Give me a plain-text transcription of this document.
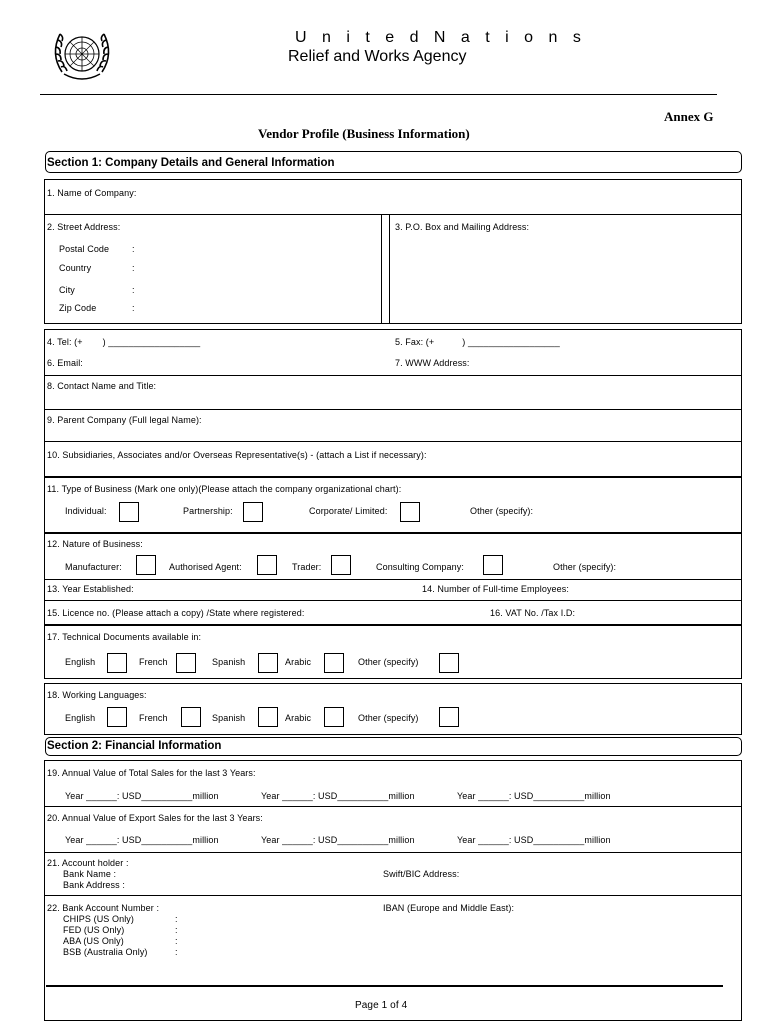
U n i t e d N a t i o n s
Relief and Works Agency
Annex G
Vendor Profile (Business Information)
Section 1: Company Details and General Information
1. Name of Company:
2. Street Address:
Postal Code	:
Country	:
City	:
Zip Code	:
3. P.O. Box and Mailing Address:
4. Tel: (+ ) __________________	5. Fax: (+	) __________________
6. Email:	7. WWW Address:
8. Contact Name and Title:
9. Parent Company (Full legal Name):
10. Subsidiaries, Associates and/or Overseas Representative(s) - (attach a List if necessary):
11. Type of Business (Mark one only)(Please attach the company organizational chart):
Individual:	Partnership:	Corporate/ Limited:	Other (specify):
12. Nature of Business:
Manufacturer:	Authorised Agent:	Trader:	Consulting Company:	Other (specify):
13. Year Established:	14. Number of Full-time Employees:
15. Licence no. (Please attach a copy) /State where registered:	16. VAT No. /Tax I.D:
17. Technical Documents available in:
English	French	Spanish	Arabic	Other (specify)
18. Working Languages:
English	French	Spanish	Arabic	Other (specify)
Section 2: Financial Information
19. Annual Value of Total Sales for the last 3 Years:
Year ______: USD__________million	Year ______: USD__________million	Year ______: USD__________million
20. Annual Value of Export Sales for the last 3 Years:
Year ______: USD__________million	Year ______: USD__________million	Year ______: USD__________million
21. Account holder :
Bank Name :
Bank Address :
Swift/BIC Address:
22. Bank Account Number :
CHIPS (US Only)	:
FED (US Only)	:
ABA (US Only)	:
BSB (Australia Only)	:
IBAN (Europe and Middle East):
Page 1 of 4
